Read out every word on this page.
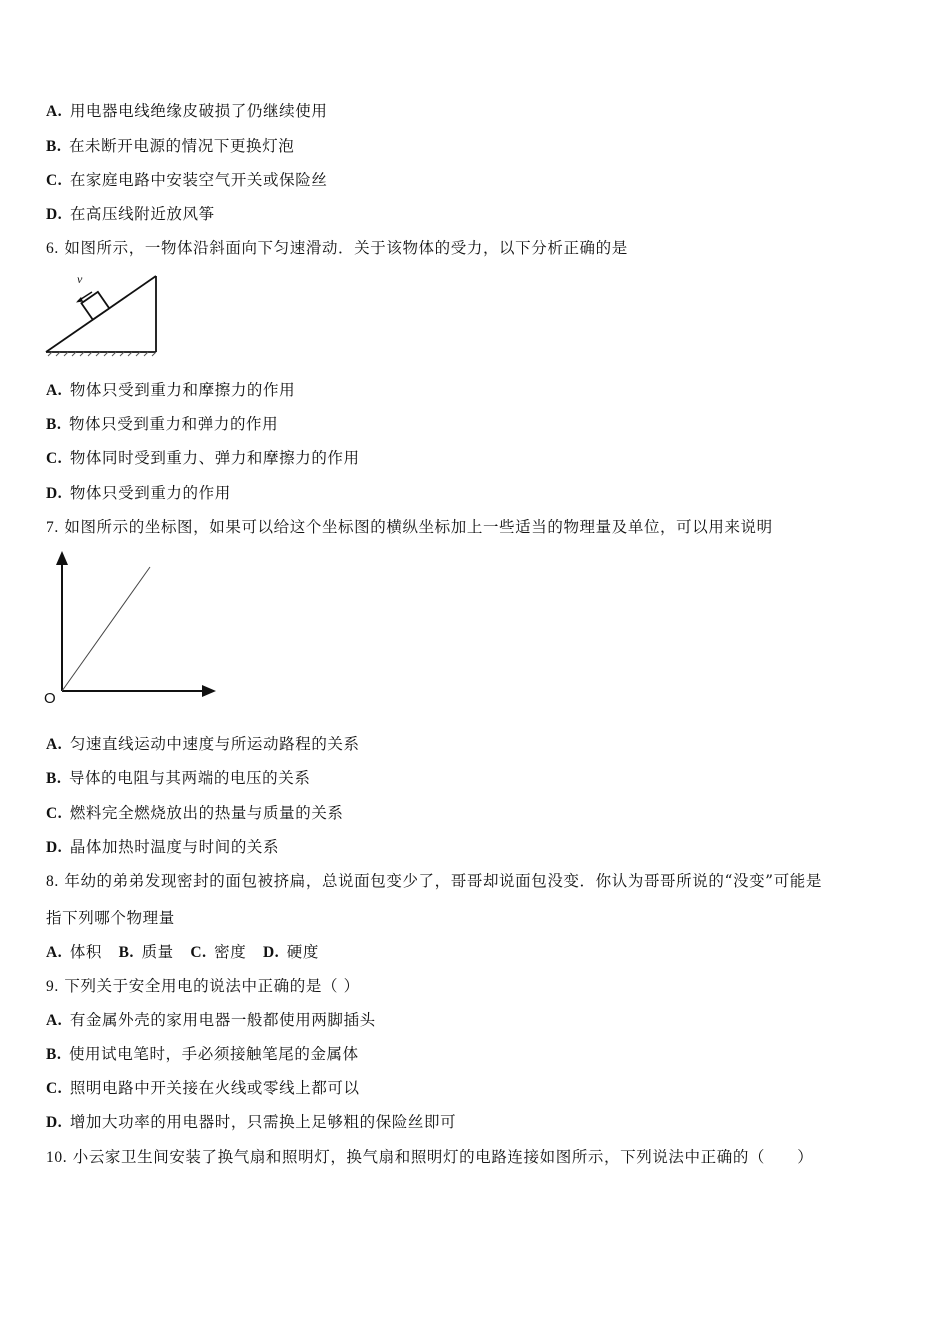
A. 用电器电线绝缘皮破损了仍继续使用
B. 在未断开电源的情况下更换灯泡
C. 在家庭电路中安装空气开关或保险丝
D. 在高压线附近放风筝
6. 如图所示，一物体沿斜面向下匀速滑动．关于该物体的受力，以下分析正确的是
v
A. 物体只受到重力和摩擦力的作用
B. 物体只受到重力和弹力的作用
C. 物体同时受到重力、弹力和摩擦力的作用
D. 物体只受到重力的作用
7. 如图所示的坐标图，如果可以给这个坐标图的横纵坐标加上一些适当的物理量及单位，可以用来说明
O
A. 匀速直线运动中速度与所运动路程的关系
B. 导体的电阻与其两端的电压的关系
C. 燃料完全燃烧放出的热量与质量的关系
D. 晶体加热时温度与时间的关系
8. 年幼的弟弟发现密封的面包被挤扁，总说面包变少了，哥哥却说面包没变．你认为哥哥所说的“没变”可能是
指下列哪个物理量
A. 体积 B. 质量 C. 密度 D. 硬度
9. 下列关于安全用电的说法中正确的是（ ）
A. 有金属外壳的家用电器一般都使用两脚插头
B. 使用试电笔时，手必须接触笔尾的金属体
C. 照明电路中开关接在火线或零线上都可以
D. 增加大功率的用电器时，只需换上足够粗的保险丝即可
10. 小云家卫生间安装了换气扇和照明灯，换气扇和照明灯的电路连接如图所示，下列说法中正确的（　　）
